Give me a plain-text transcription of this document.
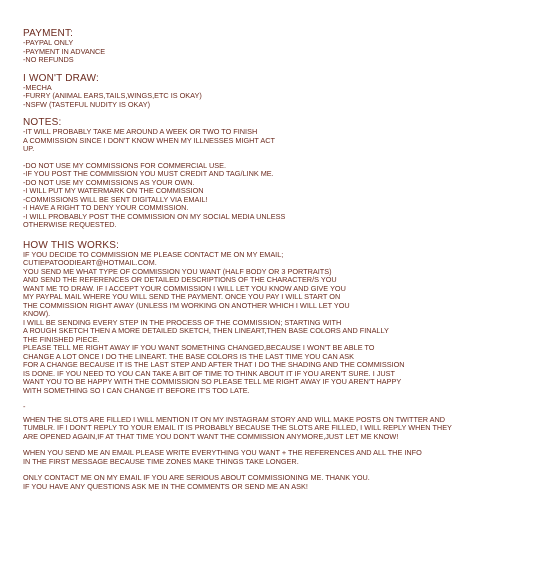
PAYMENT:
-PAYPAL ONLY
-PAYMENT IN ADVANCE
-NO REFUNDS
I WON'T DRAW:
-MECHA
-FURRY (ANIMAL EARS,TAILS,WINGS,ETC IS OKAY)
-NSFW (TASTEFUL NUDITY IS OKAY)
NOTES:
-IT WILL PROBABLY TAKE ME AROUND A WEEK OR TWO TO FINISH
A COMMISSION SINCE I DON'T KNOW WHEN MY ILLNESSES MIGHT ACT
UP.
-DO NOT USE MY COMMISSIONS FOR COMMERCIAL USE.
-IF YOU POST THE COMMISSION YOU MUST CREDIT AND TAG/LINK ME.
-DO NOT USE MY COMMISSIONS AS YOUR OWN.
-I WILL PUT MY WATERMARK ON THE COMMISSION
-COMMISSIONS WILL BE SENT DIGITALLY VIA EMAIL!
-I HAVE A RIGHT TO DENY YOUR COMMISSION.
-I WILL PROBABLY POST THE COMMISSION ON MY SOCIAL MEDIA UNLESS
OTHERWISE REQUESTED.
HOW THIS WORKS:
IF YOU DECIDE TO COMMISSION ME PLEASE CONTACT ME ON MY EMAIL;
CUTIEPATOODIEART@HOTMAIL.COM.
YOU SEND ME WHAT TYPE OF COMMISSION YOU WANT (HALF BODY OR 3 PORTRAITS)
AND SEND THE REFERENCES OR DETAILED DESCRIPTIONS OF THE CHARACTER/S YOU
WANT ME TO DRAW. IF I ACCEPT YOUR COMMISSION I WILL LET YOU KNOW AND GIVE YOU
MY PAYPAL MAIL WHERE YOU WILL SEND THE PAYMENT. ONCE YOU PAY I WILL START ON
THE COMMISSION RIGHT AWAY (UNLESS I'M WORKING ON ANOTHER WHICH I WILL LET YOU
KNOW).
I WILL BE SENDING EVERY STEP IN THE PROCESS OF THE COMMISSION; STARTING WITH
A ROUGH SKETCH THEN A MORE DETAILED SKETCH, THEN LINEART,THEN BASE COLORS AND FINALLY
THE FINISHED PIECE.
PLEASE TELL ME RIGHT AWAY IF YOU WANT SOMETHING CHANGED,BECAUSE I WON'T BE ABLE TO
CHANGE A LOT ONCE I DO THE LINEART. THE BASE COLORS IS THE LAST TIME YOU CAN ASK
FOR A CHANGE BECAUSE IT IS THE LAST STEP AND AFTER THAT I DO THE SHADING AND THE COMMISSION
IS DONE. IF YOU NEED TO YOU CAN TAKE A BIT OF TIME TO THINK ABOUT IT IF YOU AREN'T SURE. I JUST
WANT YOU TO BE HAPPY WITH THE COMMISSION SO PLEASE TELL ME RIGHT AWAY IF YOU AREN'T HAPPY
WITH SOMETHING SO I CAN CHANGE IT BEFORE IT'S TOO LATE.
-
WHEN THE SLOTS ARE FILLED I WILL MENTION IT ON MY INSTAGRAM STORY AND WILL MAKE POSTS ON TWITTER AND
TUMBLR. IF I DON'T REPLY TO YOUR EMAIL IT IS PROBABLY BECAUSE THE SLOTS ARE FILLED, I WILL REPLY WHEN THEY
ARE OPENED AGAIN,IF AT THAT TIME YOU DON'T WANT THE COMMISSION ANYMORE,JUST LET ME KNOW!
WHEN YOU SEND ME AN EMAIL PLEASE WRITE EVERYTHING YOU WANT + THE REFERENCES AND ALL THE INFO
IN THE FIRST MESSAGE BECAUSE TIME ZONES MAKE THINGS TAKE LONGER.
ONLY CONTACT ME ON MY EMAIL IF YOU ARE SERIOUS ABOUT COMMISSIONING ME. THANK YOU.
IF YOU HAVE ANY QUESTIONS ASK ME IN THE COMMENTS OR SEND ME AN ASK!
